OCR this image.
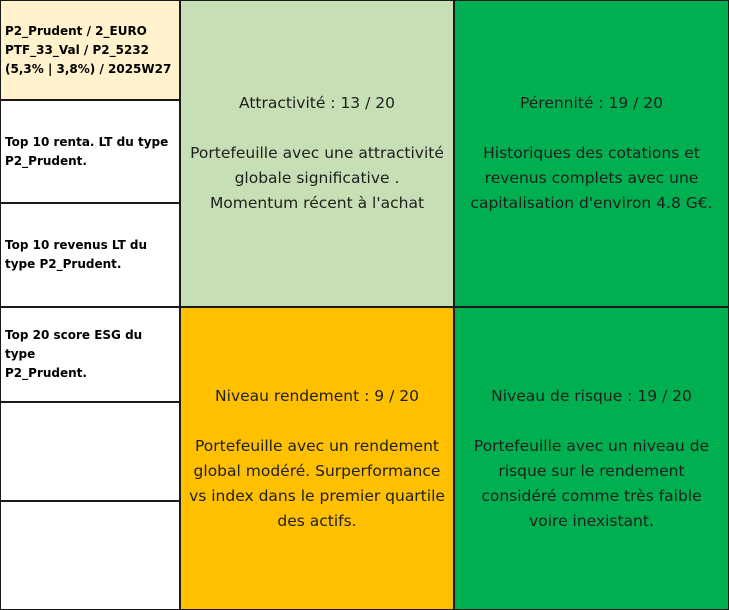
P2_Prudent / 2_EURO
PTF_33_Val / P2_5232
(5,3% | 3,8%) / 2025W27
Top 10 renta. LT du type
P2_Prudent.
Top 10 revenus LT du
type P2_Prudent.
Top 20 score ESG du type
P2_Prudent.
Attractivité : 13 / 20
Portefeuille avec une attractivité
globale significative .
Momentum récent à l'achat
Pérennité : 19 / 20
Historiques des cotations et
revenus complets avec une
capitalisation d'environ 4.8 G€.
Niveau rendement : 9 / 20
Portefeuille avec un rendement
global modéré. Surperformance
vs index dans le premier quartile
des actifs.
Niveau de risque : 19 / 20
Portefeuille avec un niveau de
risque sur le rendement
considéré comme très faible
voire inexistant.
